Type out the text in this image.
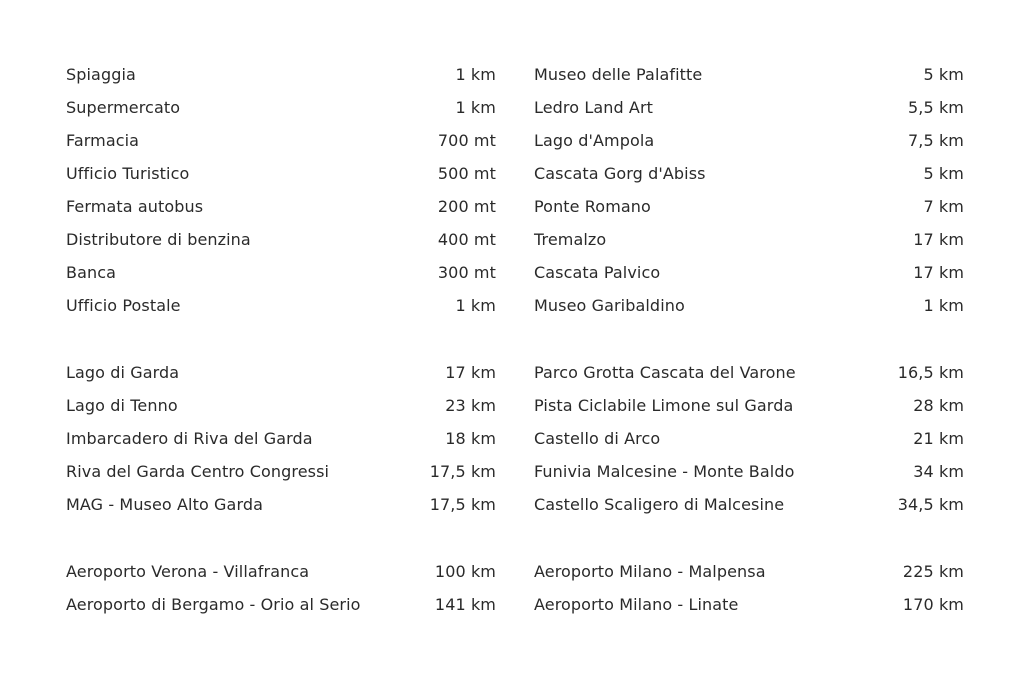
Spiaggia	1 km
Supermercato	1 km
Farmacia	700 mt
Ufficio Turistico	500 mt
Fermata autobus	200 mt
Distributore di benzina	400 mt
Banca	300 mt
Ufficio Postale	1 km
Museo delle Palafitte	5 km
Ledro Land Art	5,5 km
Lago d'Ampola	7,5 km
Cascata Gorg d'Abiss	5 km
Ponte Romano	7 km
Tremalzo	17 km
Cascata Palvico	17 km
Museo Garibaldino	1 km
Lago di Garda	17 km
Lago di Tenno	23 km
Imbarcadero di Riva del Garda	18 km
Riva del Garda Centro Congressi	17,5 km
MAG - Museo Alto Garda	17,5 km
Parco Grotta Cascata del Varone	16,5 km
Pista Ciclabile Limone sul Garda	28 km
Castello di Arco	21 km
Funivia Malcesine - Monte Baldo	34 km
Castello Scaligero di Malcesine	34,5 km
Aeroporto Verona - Villafranca	100 km
Aeroporto di Bergamo - Orio al Serio	141 km
Aeroporto Milano - Malpensa	225 km
Aeroporto Milano - Linate	170 km
